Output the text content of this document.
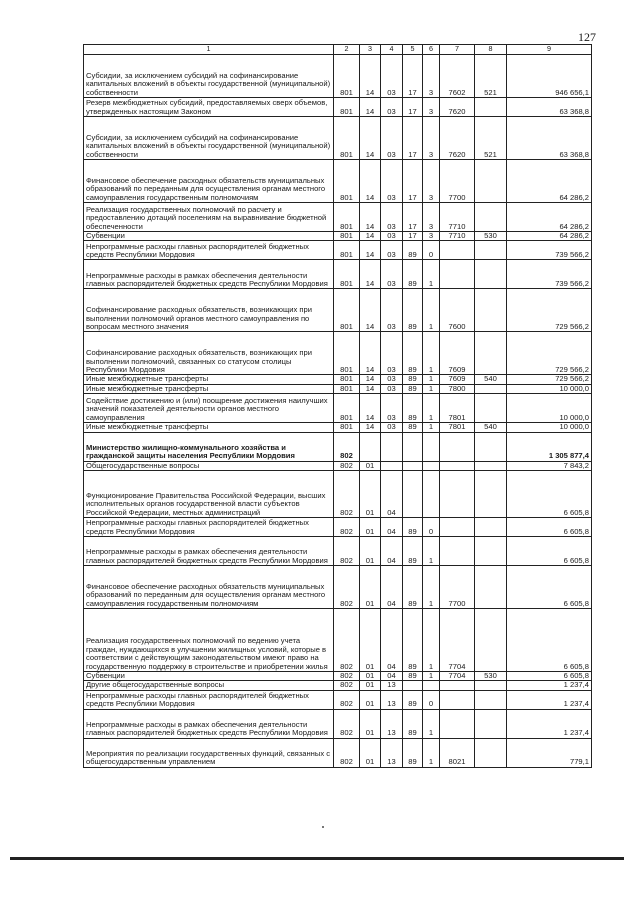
127
1	2	3	4	5	6	7	8	9
Субсидии, за исключением субсидий на софинансирование капитальных вложений в объекты государственной (муниципальной) собственности	801	14	03	17	3	7602	521	946 656,1
Резерв межбюджетных субсидий, предоставляемых сверх объемов, утвержденных настоящим Законом	801	14	03	17	3	7620		63 368,8
Субсидии, за исключением субсидий на софинансирование капитальных вложений в объекты государственной (муниципальной) собственности	801	14	03	17	3	7620	521	63 368,8
Финансовое обеспечение расходных обязательств муниципальных образований по переданным для осуществления органам местного самоуправления государственным полномочиям	801	14	03	17	3	7700		64 286,2
Реализация государственных полномочий по расчету и предоставлению дотаций поселениям на выравнивание бюджетной обеспеченности	801	14	03	17	3	7710		64 286,2
Субвенции	801	14	03	17	3	7710	530	64 286,2
Непрограммные расходы главных распорядителей бюджетных средств Республики Мордовия	801	14	03	89	0			739 566,2
Непрограммные расходы в рамках обеспечения деятельности главных распорядителей бюджетных средств Республики Мордовия	801	14	03	89	1			739 566,2
Софинансирование расходных обязательств, возникающих при выполнении полномочий органов местного самоуправления по вопросам местного значения	801	14	03	89	1	7600		729 566,2
Софинансирование расходных обязательств, возникающих при выполнении полномочий, связанных со статусом столицы Республики Мордовия	801	14	03	89	1	7609		729 566,2
Иные межбюджетные трансферты	801	14	03	89	1	7609	540	729 566,2
Иные межбюджетные трансферты	801	14	03	89	1	7800		10 000,0
Содействие достижению и (или) поощрение достижения наилучших значений показателей деятельности органов местного самоуправления	801	14	03	89	1	7801		10 000,0
Иные межбюджетные трансферты	801	14	03	89	1	7801	540	10 000,0
Министерство жилищно-коммунального хозяйства и гражданской защиты населения Республики Мордовия	802							1 305 877,4
Общегосударственные вопросы	802	01						7 843,2
Функционирование Правительства Российской Федерации, высших исполнительных органов государственной власти субъектов Российской Федерации, местных администраций	802	01	04					6 605,8
Непрограммные расходы главных распорядителей бюджетных средств Республики Мордовия	802	01	04	89	0			6 605,8
Непрограммные расходы в рамках обеспечения деятельности главных распорядителей бюджетных средств Республики Мордовия	802	01	04	89	1			6 605,8
Финансовое обеспечение расходных обязательств муниципальных образований по переданным для осуществления органам местного самоуправления государственным полномочиям	802	01	04	89	1	7700		6 605,8
Реализация государственных полномочий по ведению учета граждан, нуждающихся в улучшении жилищных условий, которые в соответствии с действующим законодательством имеют право на государственную поддержку в строительстве и приобретении жилья	802	01	04	89	1	7704		6 605,8
Субвенции	802	01	04	89	1	7704	530	6 605,8
Другие общегосударственные вопросы	802	01	13					1 237,4
Непрограммные расходы главных распорядителей бюджетных средств Республики Мордовия	802	01	13	89	0			1 237,4
Непрограммные расходы в рамках обеспечения деятельности главных распорядителей бюджетных средств Республики Мордовия	802	01	13	89	1			1 237,4
Мероприятия по реализации государственных функций, связанных с общегосударственным управлением	802	01	13	89	1	8021		779,1
